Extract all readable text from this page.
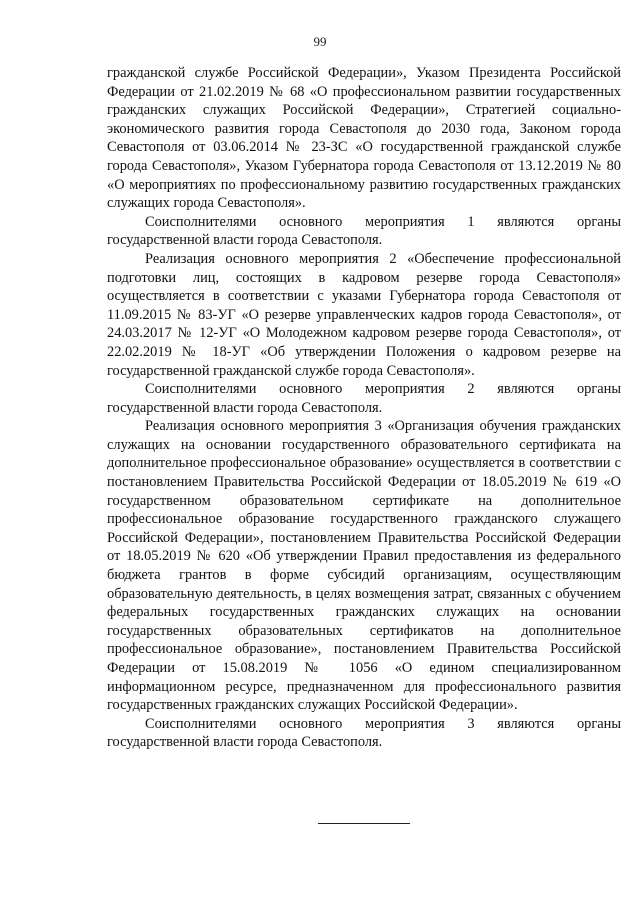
99

гражданской службе Российской Федерации», Указом Президента Российской Федерации от 21.02.2019 № 68 «О профессиональном развитии государственных гражданских служащих Российской Федерации», Стратегией социально-экономического развития города Севастополя до 2030 года, Законом города Севастополя от 03.06.2014 № 23-ЗС «О государственной гражданской службе города Севастополя», Указом Губернатора города Севастополя от 13.12.2019 № 80 «О мероприятиях по профессиональному развитию государственных гражданских служащих города Севастополя».

Соисполнителями основного мероприятия 1 являются органы государственной власти города Севастополя.

Реализация основного мероприятия 2 «Обеспечение профессиональной подготовки лиц, состоящих в кадровом резерве города Севастополя» осуществляется в соответствии с указами Губернатора города Севастополя от 11.09.2015 № 83-УГ «О резерве управленческих кадров города Севастополя», от 24.03.2017 № 12-УГ «О Молодежном кадровом резерве города Севастополя», от 22.02.2019 № 18-УГ «Об утверждении Положения о кадровом резерве на государственной гражданской службе города Севастополя».

Соисполнителями основного мероприятия 2 являются органы государственной власти города Севастополя.

Реализация основного мероприятия 3 «Организация обучения гражданских служащих на основании государственного образовательного сертификата на дополнительное профессиональное образование» осуществляется в соответствии с постановлением Правительства Российской Федерации от 18.05.2019 № 619 «О государственном образовательном сертификате на дополнительное профессиональное образование государственного гражданского служащего Российской Федерации», постановлением Правительства Российской Федерации от 18.05.2019 № 620 «Об утверждении Правил предоставления из федерального бюджета грантов в форме субсидий организациям, осуществляющим образовательную деятельность, в целях возмещения затрат, связанных с обучением федеральных государственных гражданских служащих на основании государственных образовательных сертификатов на дополнительное профессиональное образование», постановлением Правительства Российской Федерации от 15.08.2019 № 1056 «О едином специализированном информационном ресурсе, предназначенном для профессионального развития государственных гражданских служащих Российской Федерации».

Соисполнителями основного мероприятия 3 являются органы государственной власти города Севастополя.
